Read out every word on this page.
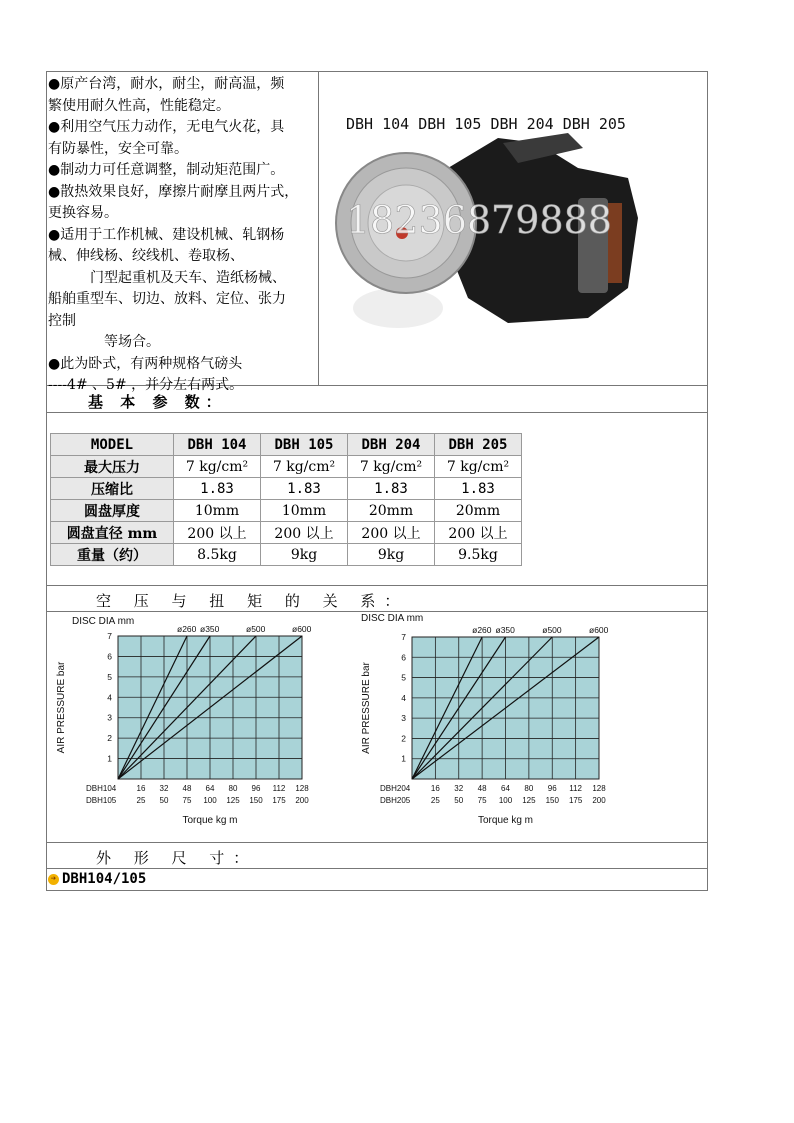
●原产台湾，耐水，耐尘，耐高温，频
繁使用耐久性高，性能稳定。
●利用空气压力动作，无电气火花，具
有防暴性，安全可靠。
●制动力可任意调整，制动矩范围广。
●散热效果良好，摩擦片耐摩且两片式，
更换容易。
●适用于工作机械、建设机械、轧钢杨
械、伸线杨、绞线机、卷取杨、
　　　门型起重机及天车、造纸杨械、
船舶重型车、切边、放料、定位、张力
控制
　　　　等场合。
●此为卧式，有两种规格气磅头
----4# 、5# ，并分左右两式。
DBH 104 DBH 105 DBH 204 DBH 205
18236879888
基 本 参 数：
MODEL	DBH 104	DBH 105	DBH 204	DBH 205
最大压力	7 kg/cm²	7 kg/cm²	7 kg/cm²	7 kg/cm²
压缩比	1.83	1.83	1.83	1.83
圆盘厚度	10mm	10mm	20mm	20mm
圆盘直径 mm	200 以上	200 以上	200 以上	200 以上
重量（约）	8.5kg	9kg	9kg	9.5kg
空 压 与 扭 矩 的 关 系：
ø260 ø350	ø500	ø600
1
2
3
4
5
6
7
DBH104	16 32 48 64 80 96 112 128
DBH105	25 50 75 100 125 150 175 200
DISC DIA mm
Torque kg m
AIR PRESSURE bar
ø260 ø350	ø500	ø600
1
2
3
4
5
6
7
DBH204	16 32 48 64 80 96 112 128
DBH205	25 50 75 100 125 150 175 200
DISC DIA mm
Torque kg m
AIR PRESSURE bar
外 形 尺 寸：
➔ DBH104/105
